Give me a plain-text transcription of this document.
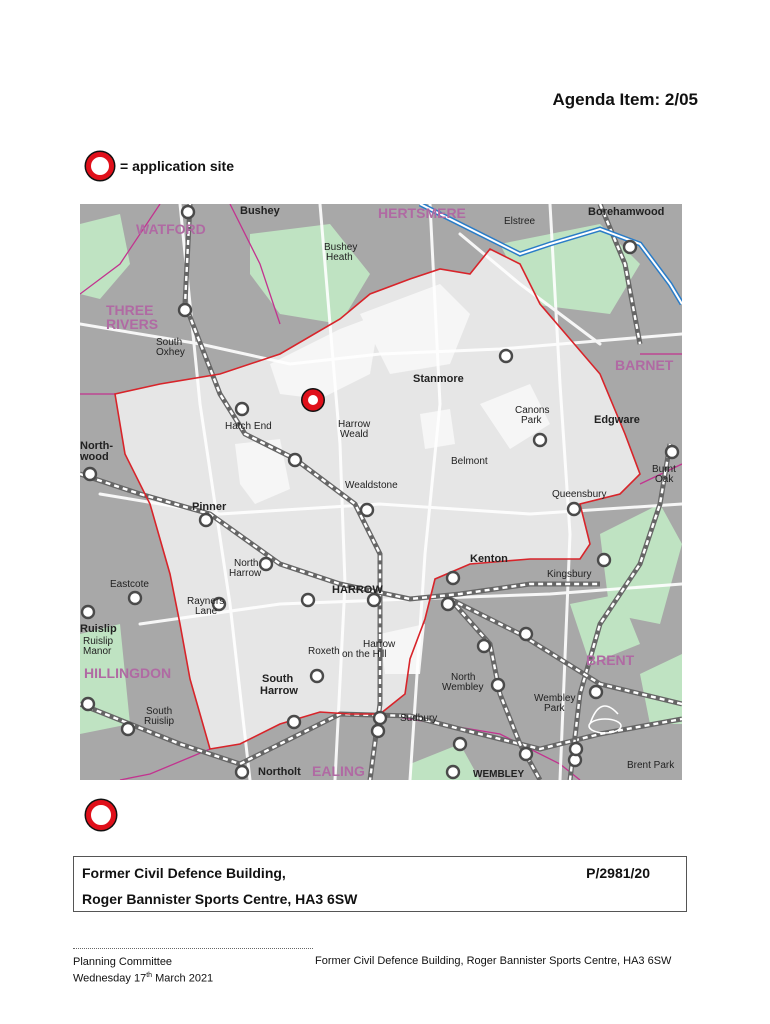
Agenda Item: 2/05
= application site
HERTSMERE
WATFORD
THREE
RIVERS
BARNET
BRENT
HILLINGDON
EALING
Bushey
Elstree
Borehamwood
Bushey
Heath
South
Oxhey
Stanmore
Canons
Park	Edgware
Hatch End	Harrow
Weald
North-
wood
Burnt
Oak
Belmont
Wealdstone
Queensbury
Pinner
North
Harrow
Kenton
Kingsbury
Eastcote
Rayners
Lane
HARROW
Ruislip
Ruislip
Manor	Roxeth
Harrow
on the Hill
South
Harrow
North
Wembley
Wembley
Park
South
Ruislip	Sudbury
Brent Park
Northolt	WEMBLEY
Former Civil Defence Building,	P/2981/20
Roger Bannister Sports Centre, HA3 6SW
Planning Committee
Wednesday 17th March 2021
Former Civil Defence Building, Roger Bannister Sports Centre, HA3 6SW
